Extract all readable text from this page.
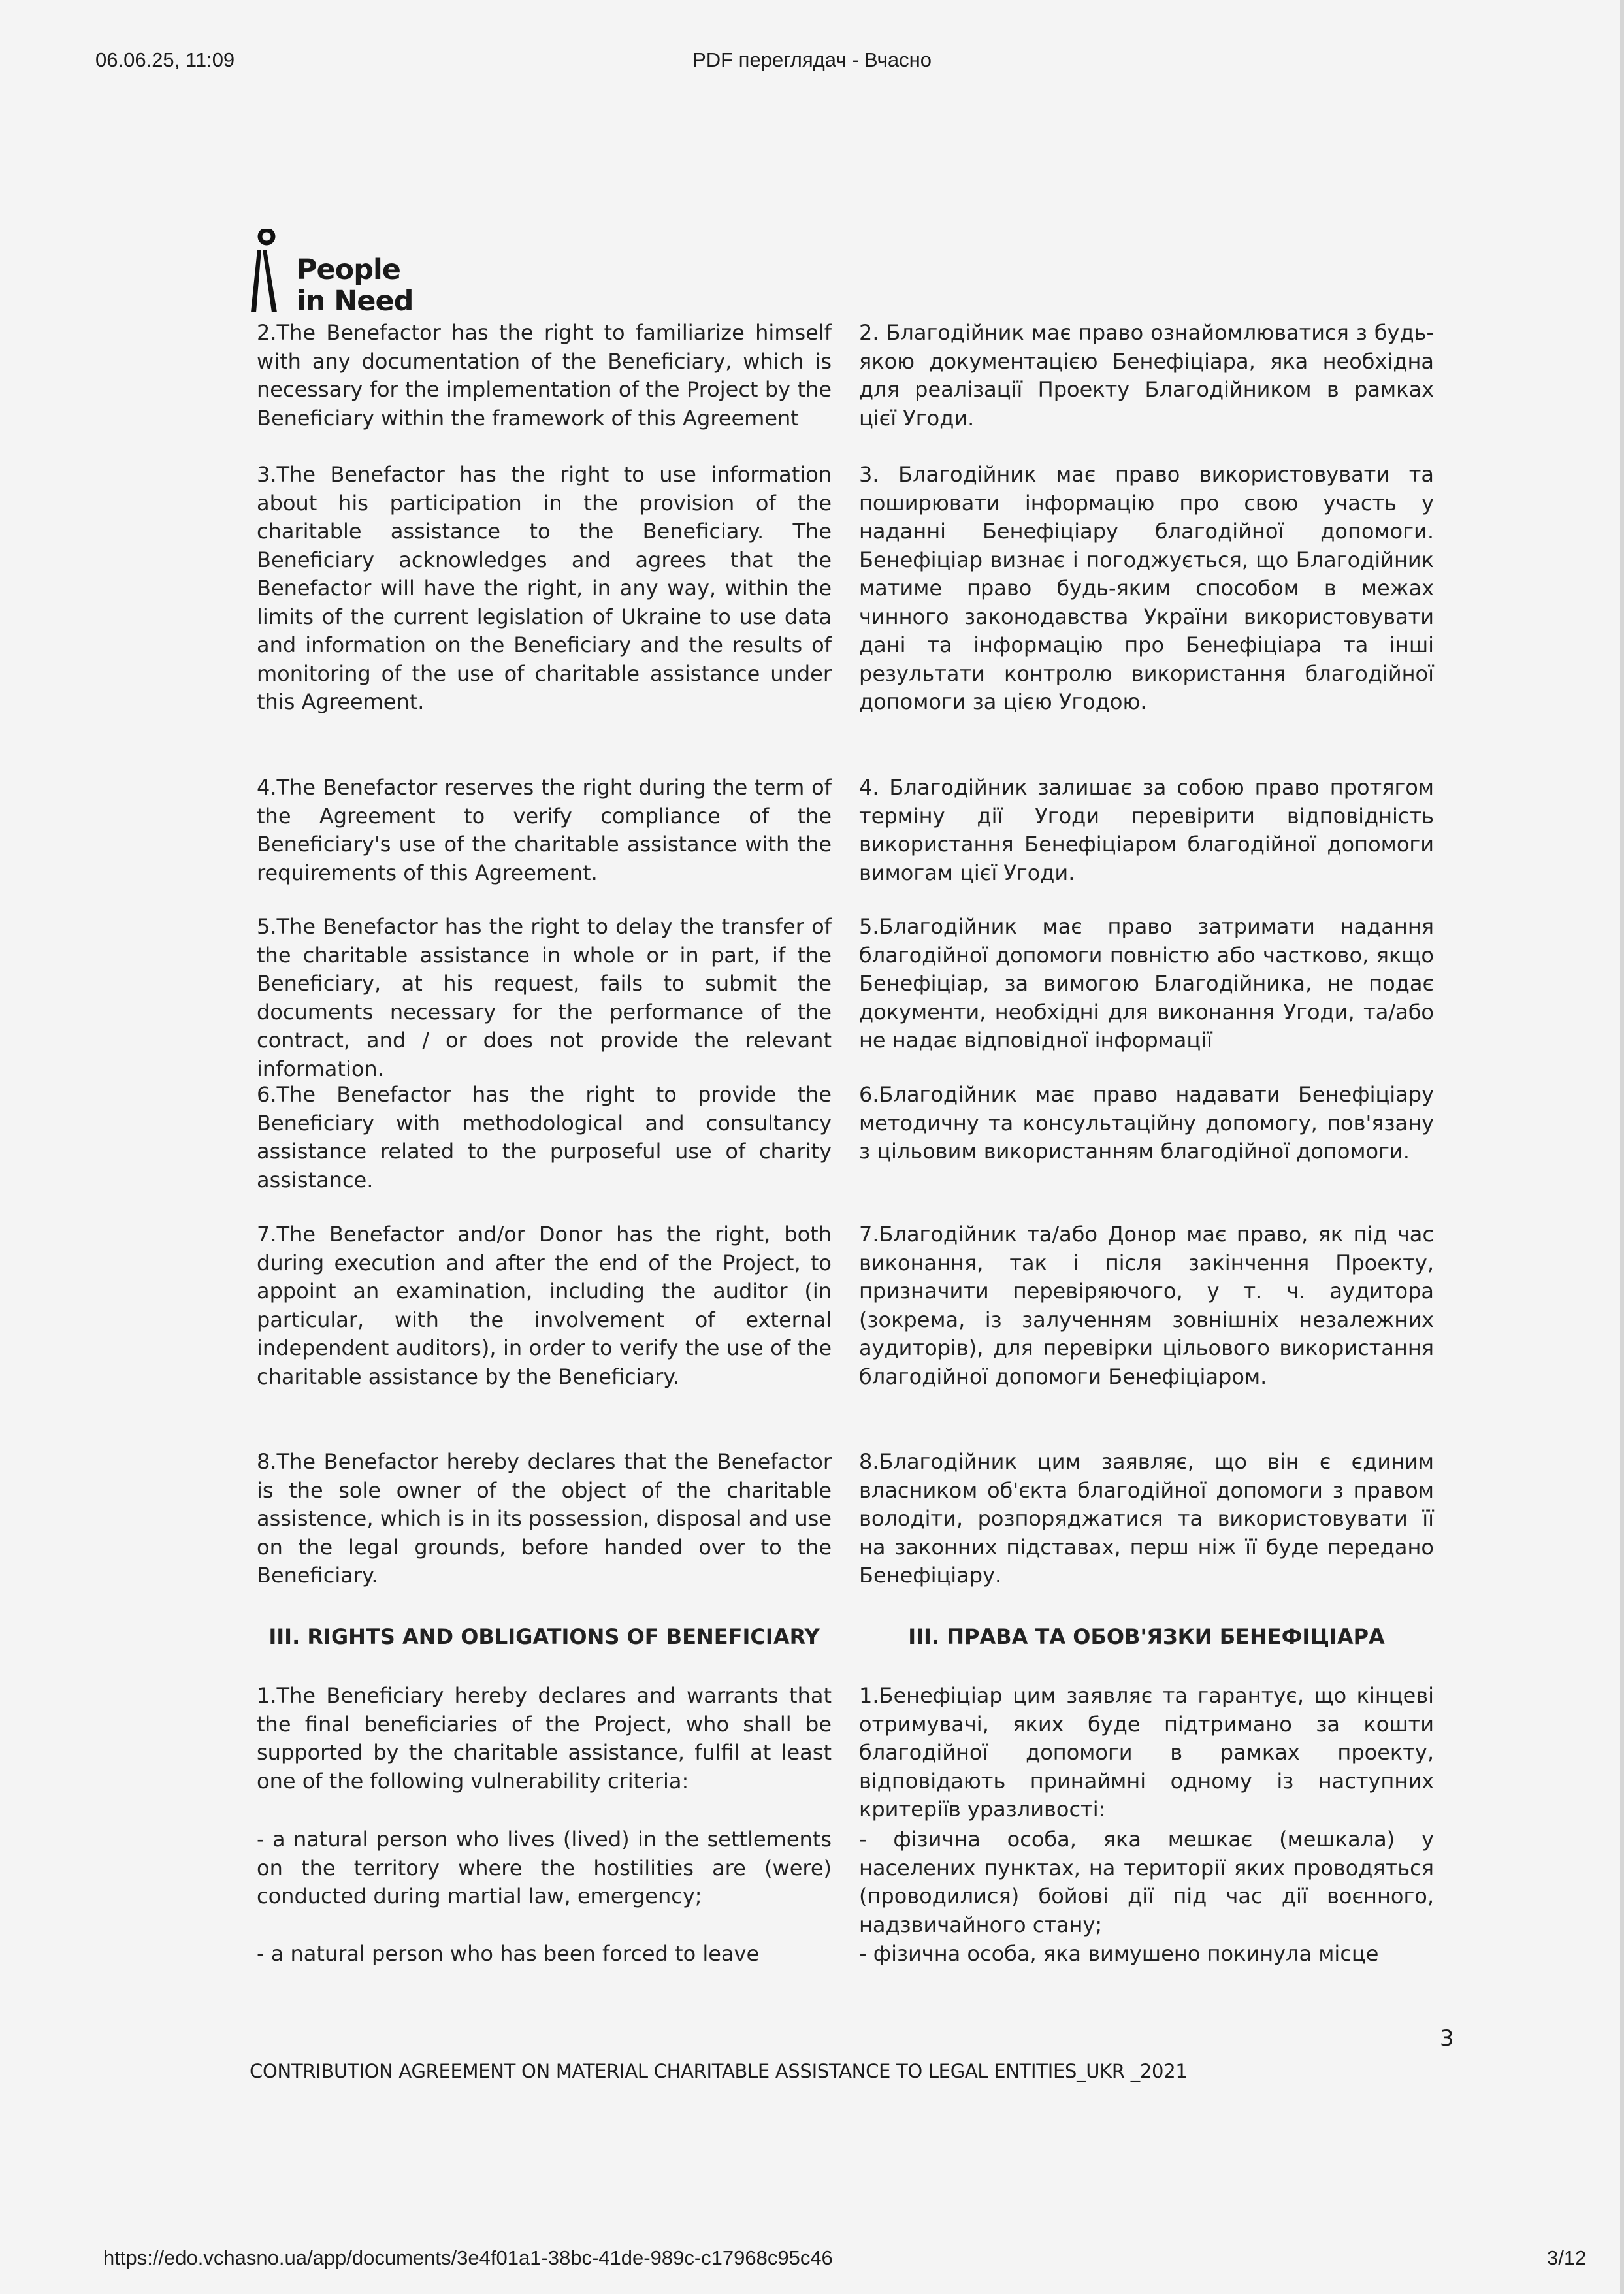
06.06.25, 11:09	PDF переглядач - Вчасно
People
in Need

2.The Benefactor has the right to familiarize himself with any documentation of the Beneficiary, which is necessary for the implementation of the Project by the Beneficiary within the framework of this Agreement

3.The Benefactor has the right to use information about his participation in the provision of the charitable assistance to the Beneficiary. The Beneficiary acknowledges and agrees that the Benefactor will have the right, in any way, within the limits of the current legislation of Ukraine to use data and information on the Beneficiary and the results of monitoring of the use of charitable assistance under this Agreement.

4.The Benefactor reserves the right during the term of the Agreement to verify compliance of the Beneficiary's use of the charitable assistance with the requirements of this Agreement.

5.The Benefactor has the right to delay the transfer of the charitable assistance in whole or in part, if the Beneficiary, at his request, fails to submit the documents necessary for the performance of the contract, and / or does not provide the relevant information.

6.The Benefactor has the right to provide the Beneficiary with methodological and consultancy assistance related to the purposeful use of charity assistance.

7.The Benefactor and/or Donor has the right, both during execution and after the end of the Project, to appoint an examination, including the auditor (in particular, with the involvement of external independent auditors), in order to verify the use of the charitable assistance by the Beneficiary.

8.The Benefactor hereby declares that the Benefactor is the sole owner of the object of the charitable assistence, which is in its possession, disposal and use on the legal grounds, before handed over to the Beneficiary.

III. RIGHTS AND OBLIGATIONS OF BENEFICIARY

1.The Beneficiary hereby declares and warrants that the final beneficiaries of the Project, who shall be supported by the charitable assistance, fulfil at least one of the following vulnerability criteria:

- a natural person who lives (lived) in the settlements on the territory where the hostilities are (were) conducted during martial law, emergency;

- a natural person who has been forced to leave

2. Благодійник має право ознайомлюватися з будь-якою документацією Бенефіціара, яка необхідна для реалізації Проекту Благодійником в рамках цієї Угоди.

3. Благодійник має право використовувати та поширювати інформацію про свою участь у наданні Бенефіціару благодійної допомоги. Бенефіціар визнає і погоджується, що Благодійник матиме право будь-яким способом в межах чинного законодавства України використовувати дані та інформацію про Бенефіціара та інші результати контролю використання благодійної допомоги за цією Угодою.

4. Благодійник залишає за собою право протягом терміну дії Угоди перевірити відповідність використання Бенефіціаром благодійної допомоги вимогам цієї Угоди.

5.Благодійник має право затримати надання благодійної допомоги повністю або частково, якщо Бенефіціар, за вимогою Благодійника, не подає документи, необхідні для виконання Угоди, та/або не надає відповідної інформації

6.Благодійник має право надавати Бенефіціару методичну та консультаційну допомогу, пов'язану з цільовим використанням благодійної допомоги.

7.Благодійник та/або Донор має право, як під час виконання, так і після закінчення Проекту, призначити перевіряючого, у т. ч. аудитора (зокрема, із залученням зовнішніх незалежних аудиторів), для перевірки цільового використання благодійної допомоги Бенефіціаром.

8.Благодійник цим заявляє, що він є єдиним власником об'єкта благодійної допомоги з правом володіти, розпоряджатися та використовувати її на законних підставах, перш ніж її буде передано Бенефіціару.

III. ПРАВА ТА ОБОВ'ЯЗКИ БЕНЕФІЦІАРА

1.Бенефіціар цим заявляє та гарантує, що кінцеві отримувачі, яких буде підтримано за кошти благодійної допомоги в рамках проекту, відповідають принаймні одному із наступних критеріїв уразливості:

- фізична особа, яка мешкає (мешкала) у населених пунктах, на території яких проводяться (проводилися) бойові дії під час дії воєнного, надзвичайного стану;

- фізична особа, яка вимушено покинула місце

3
CONTRIBUTION AGREEMENT ON MATERIAL CHARITABLE ASSISTANCE TO LEGAL ENTITIES_UKR _2021
https://edo.vchasno.ua/app/documents/3e4f01a1-38bc-41de-989c-c17968c95c46	3/12
